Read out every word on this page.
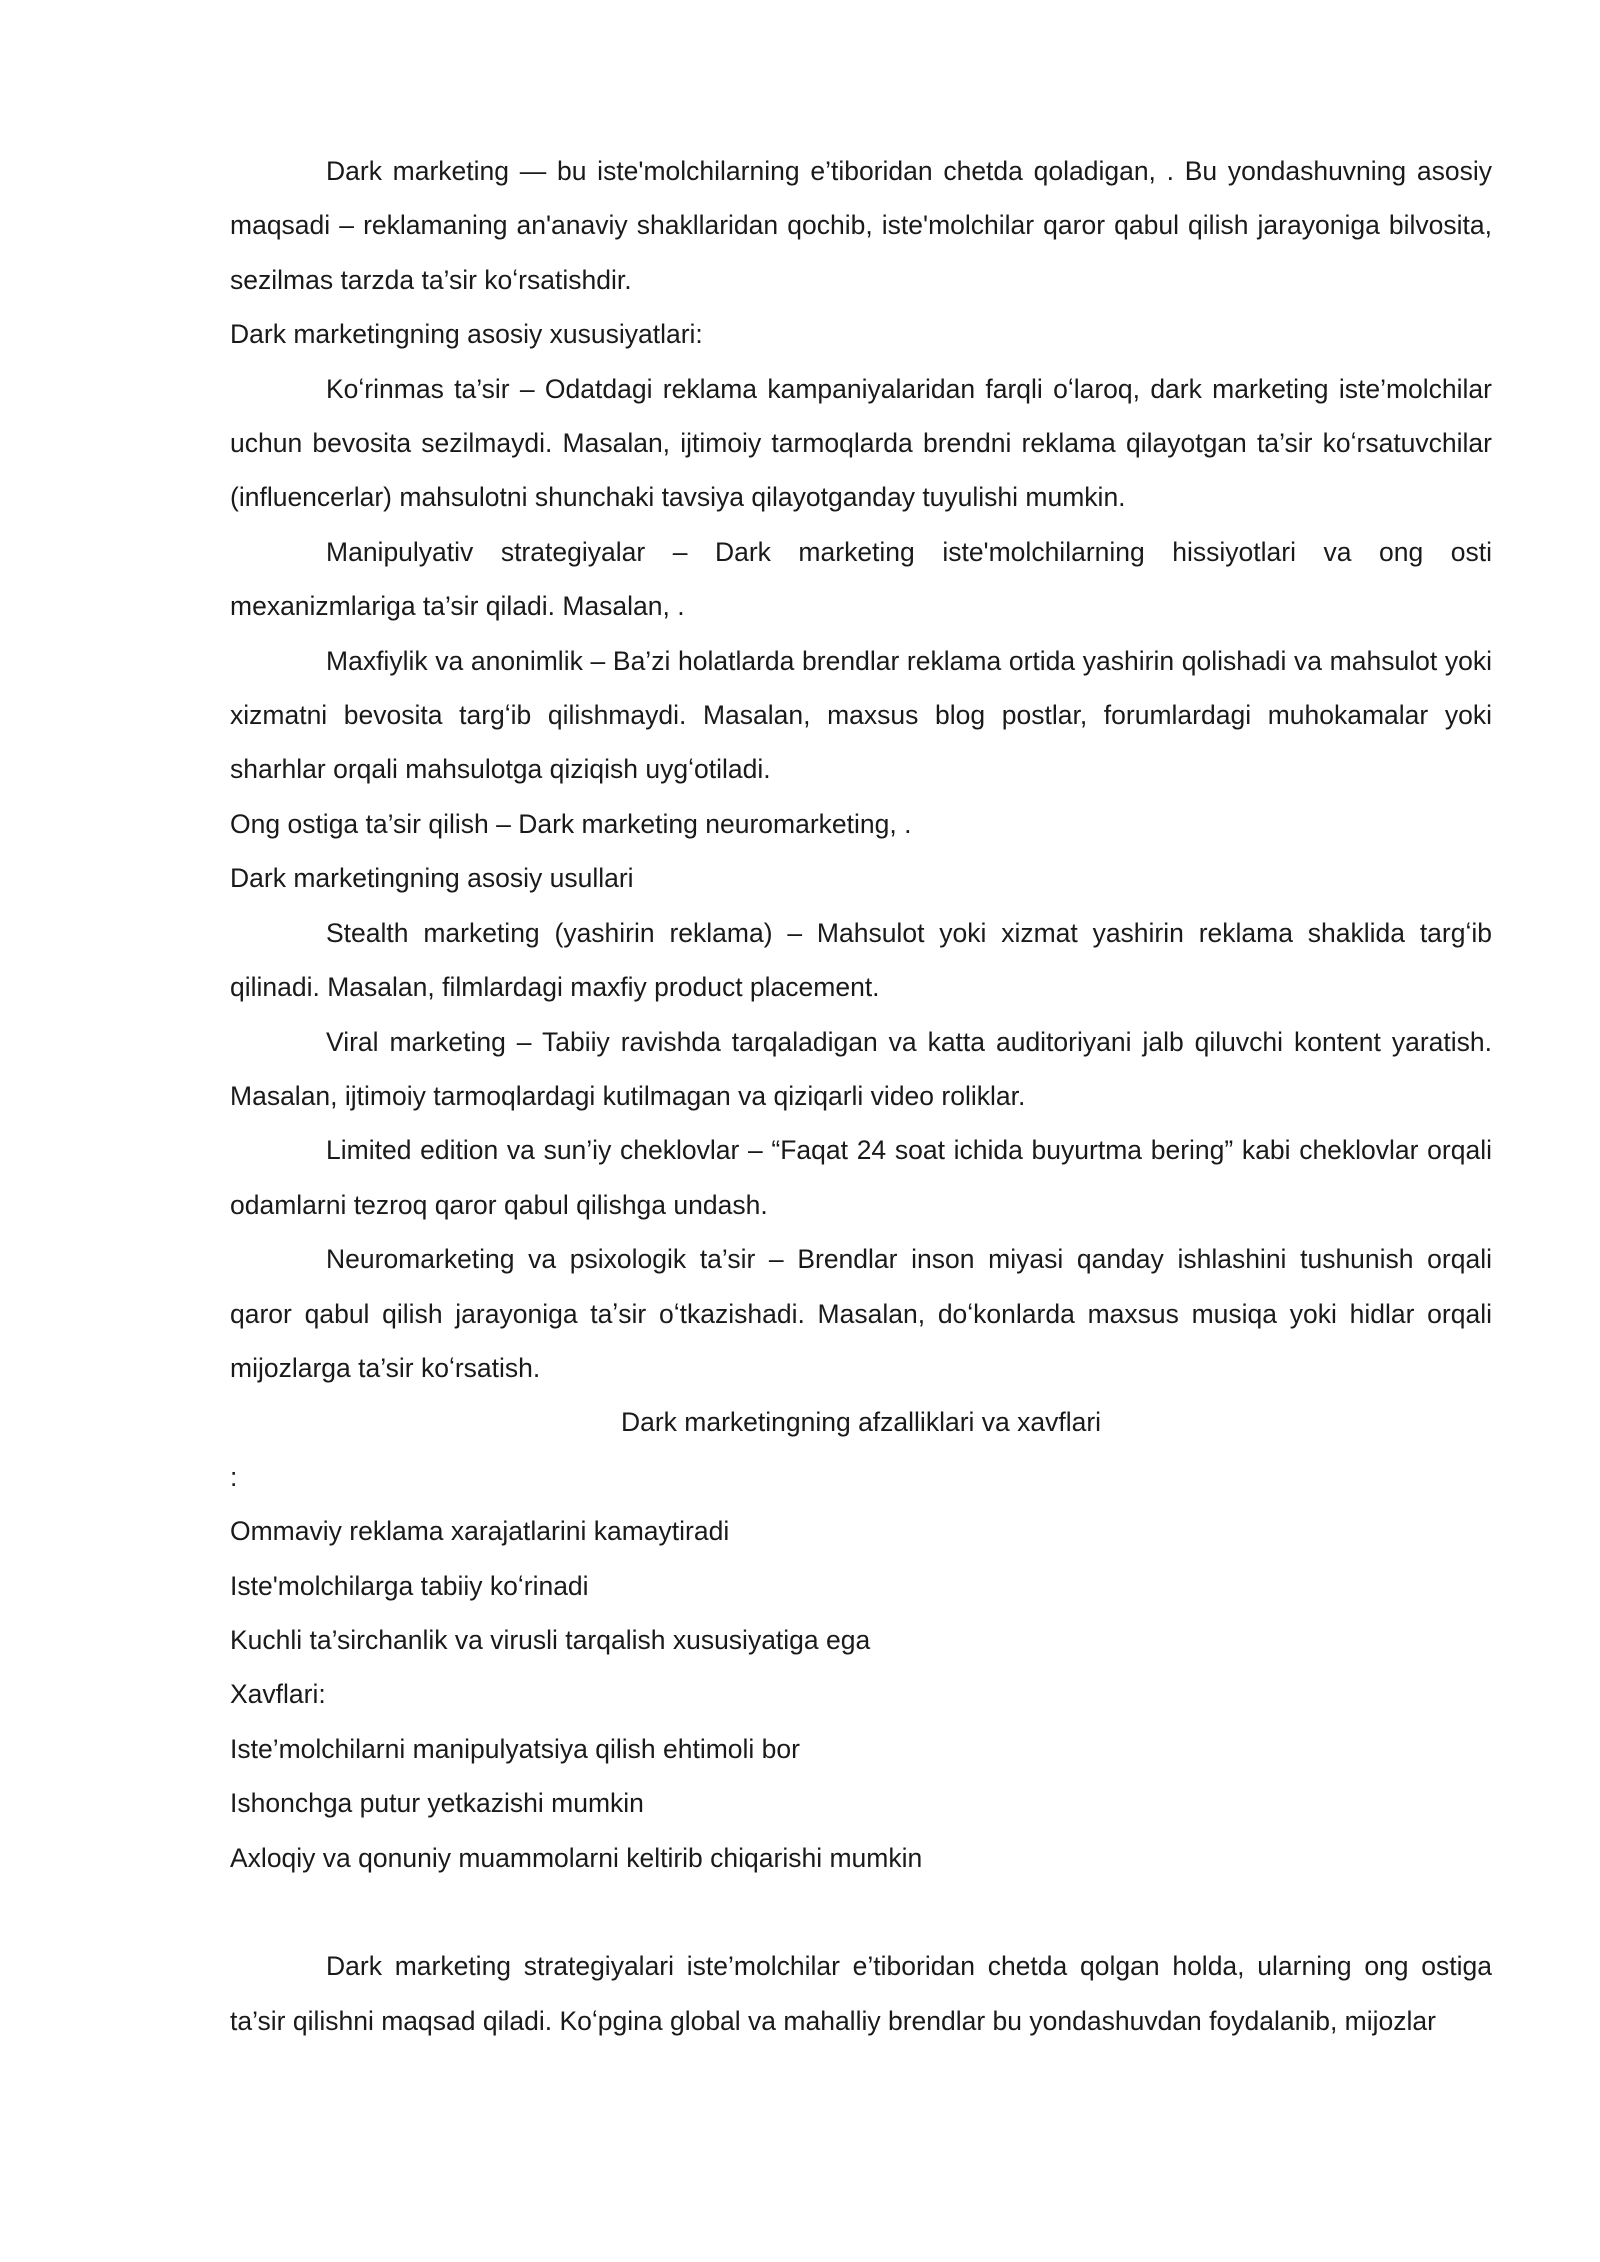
Dark marketing — bu iste'molchilarning e’tiboridan chetda qoladigan, . Bu yondashuvning asosiy maqsadi – reklamaning an'anaviy shakllaridan qochib, iste'molchilar qaror qabul qilish jarayoniga bilvosita, sezilmas tarzda ta’sir koʻrsatishdir.

Dark marketingning asosiy xususiyatlari:

Koʻrinmas ta’sir – Odatdagi reklama kampaniyalaridan farqli oʻlaroq, dark marketing iste’molchilar uchun bevosita sezilmaydi. Masalan, ijtimoiy tarmoqlarda brendni reklama qilayotgan ta’sir koʻrsatuvchilar (influencerlar) mahsulotni shunchaki tavsiya qilayotganday tuyulishi mumkin.

Manipulyativ strategiyalar – Dark marketing iste'molchilarning hissiyotlari va ong osti mexanizmlariga ta’sir qiladi. Masalan, .

Maxfiylik va anonimlik – Ba’zi holatlarda brendlar reklama ortida yashirin qolishadi va mahsulot yoki xizmatni bevosita targʻib qilishmaydi. Masalan, maxsus blog postlar, forumlardagi muhokamalar yoki sharhlar orqali mahsulotga qiziqish uygʻotiladi.

Ong ostiga ta’sir qilish – Dark marketing neuromarketing, .

Dark marketingning asosiy usullari

Stealth marketing (yashirin reklama) – Mahsulot yoki xizmat yashirin reklama shaklida targʻib qilinadi. Masalan, filmlardagi maxfiy product placement.

Viral marketing – Tabiiy ravishda tarqaladigan va katta auditoriyani jalb qiluvchi kontent yaratish. Masalan, ijtimoiy tarmoqlardagi kutilmagan va qiziqarli video roliklar.

Limited edition va sun’iy cheklovlar – “Faqat 24 soat ichida buyurtma bering” kabi cheklovlar orqali odamlarni tezroq qaror qabul qilishga undash.

Neuromarketing va psixologik ta’sir – Brendlar inson miyasi qanday ishlashini tushunish orqali qaror qabul qilish jarayoniga taʼsir oʻtkazishadi. Masalan, doʻkonlarda maxsus musiqa yoki hidlar orqali mijozlarga ta’sir koʻrsatish.

Dark marketingning afzalliklari va xavflari

:

Ommaviy reklama xarajatlarini kamaytiradi

Iste'molchilarga tabiiy koʻrinadi

Kuchli ta’sirchanlik va virusli tarqalish xususiyatiga ega

Xavflari:

Iste’molchilarni manipulyatsiya qilish ehtimoli bor

Ishonchga putur yetkazishi mumkin

Axloqiy va qonuniy muammolarni keltirib chiqarishi mumkin

Dark marketing strategiyalari iste’molchilar e’tiboridan chetda qolgan holda, ularning ong ostiga ta’sir qilishni maqsad qiladi. Koʻpgina global va mahalliy brendlar bu yondashuvdan foydalanib, mijozlar
